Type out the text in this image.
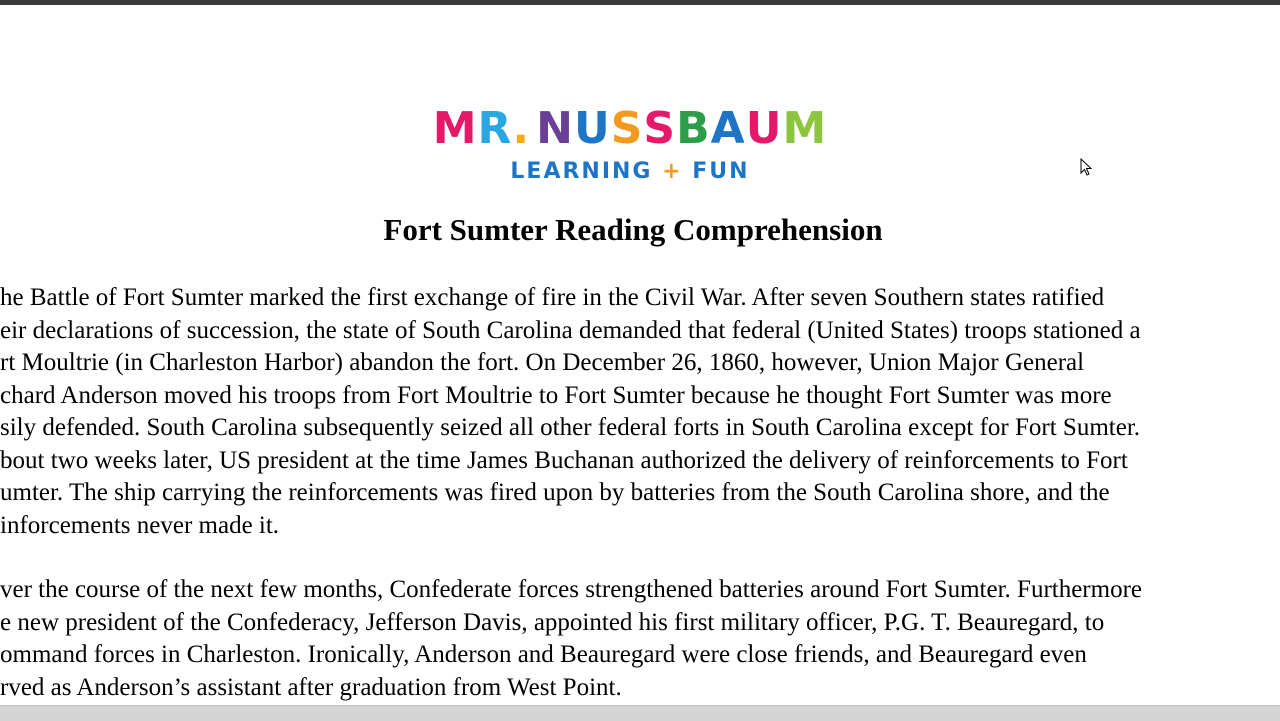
MR. NUSSBAUM
LEARNING + FUN
Fort Sumter Reading Comprehension
he Battle of Fort Sumter marked the first exchange of fire in the Civil War. After seven Southern states ratified
eir declarations of succession, the state of South Carolina demanded that federal (United States) troops stationed a
rt Moultrie (in Charleston Harbor) abandon the fort. On December 26, 1860, however, Union Major General
chard Anderson moved his troops from Fort Moultrie to Fort Sumter because he thought Fort Sumter was more
sily defended. South Carolina subsequently seized all other federal forts in South Carolina except for Fort Sumter.
bout two weeks later, US president at the time James Buchanan authorized the delivery of reinforcements to Fort
umter. The ship carrying the reinforcements was fired upon by batteries from the South Carolina shore, and the
inforcements never made it.
ver the course of the next few months, Confederate forces strengthened batteries around Fort Sumter. Furthermore
e new president of the Confederacy, Jefferson Davis, appointed his first military officer, P.G. T. Beauregard, to
ommand forces in Charleston. Ironically, Anderson and Beauregard were close friends, and Beauregard even
rved as Anderson’s assistant after graduation from West Point.
